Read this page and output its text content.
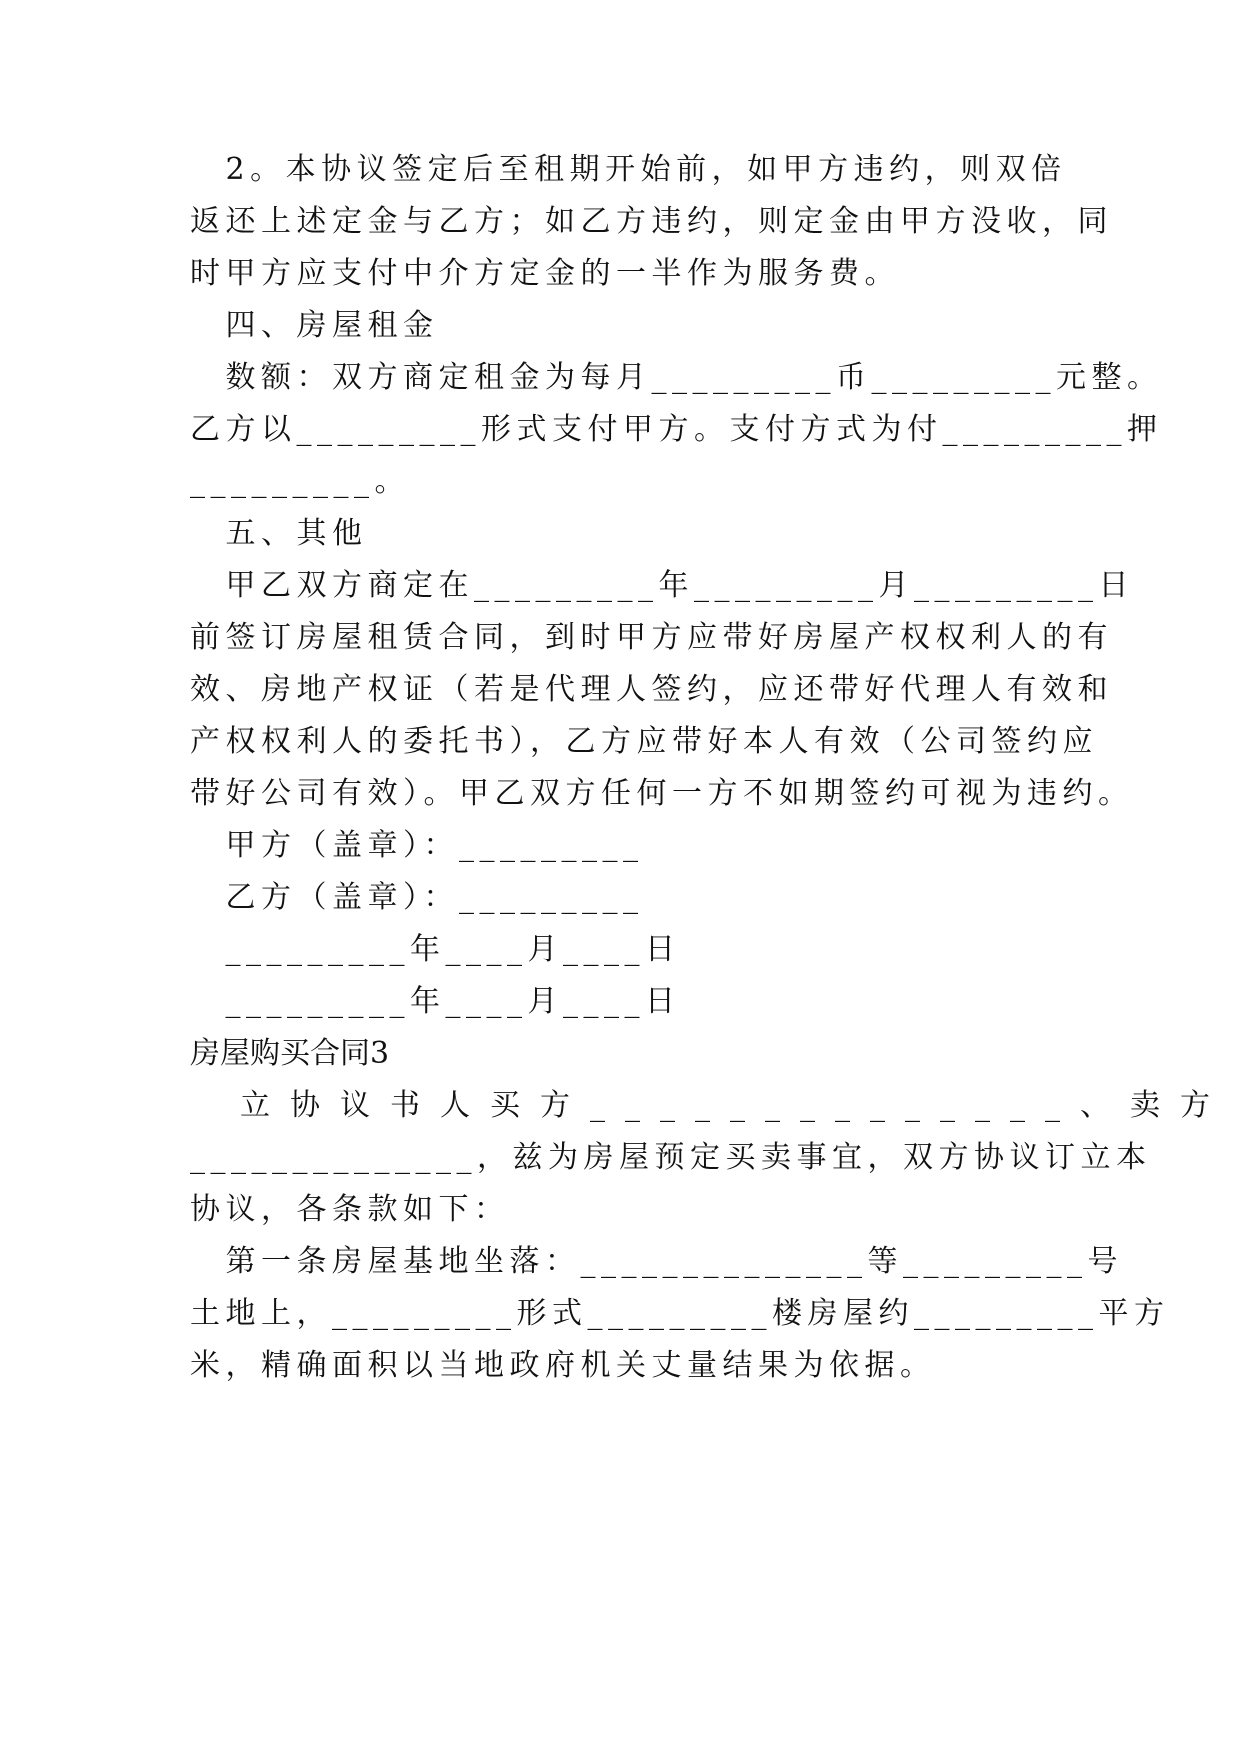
　2。本协议签定后至租期开始前，如甲方违约，则双倍
返还上述定金与乙方；如乙方违约，则定金由甲方没收，同
时甲方应支付中介方定金的一半作为服务费。
　四、房屋租金
　数额：双方商定租金为每月_________币_________元整。
乙方以_________形式支付甲方。支付方式为付_________押
_________。
　五、其他
　甲乙双方商定在_________年_________月_________日
前签订房屋租赁合同，到时甲方应带好房屋产权权利人的有
效、房地产权证（若是代理人签约，应还带好代理人有效和
产权权利人的委托书），乙方应带好本人有效（公司签约应
带好公司有效）。甲乙双方任何一方不如期签约可视为违约。
　甲方（盖章）：_________
　乙方（盖章）：_________
　_________年____月____日
　_________年____月____日
房屋购买合同3
　立协议书人买方______________、卖方
______________，兹为房屋预定买卖事宜，双方协议订立本
协议，各条款如下：
　第一条房屋基地坐落：______________等_________号
土地上，_________形式_________楼房屋约_________平方
米，精确面积以当地政府机关丈量结果为依据。
